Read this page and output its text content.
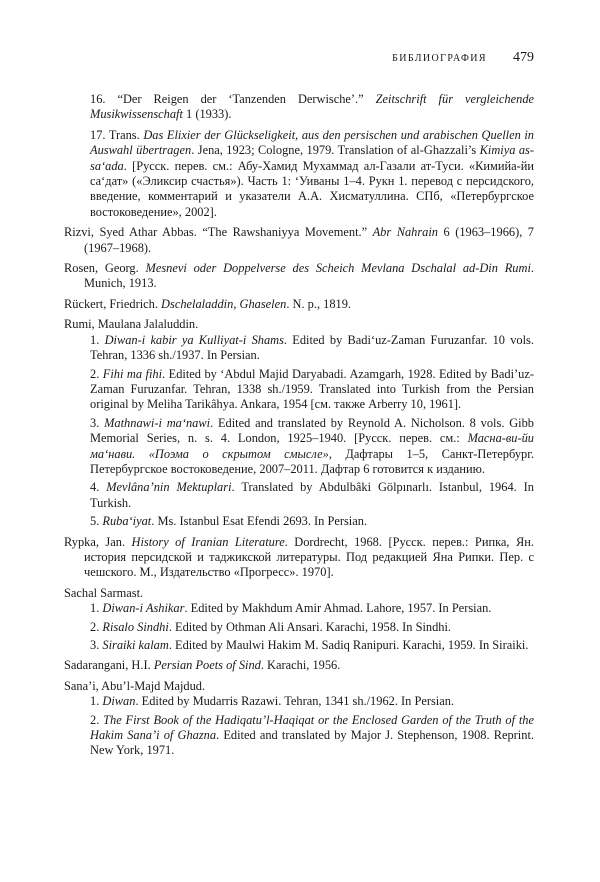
БИБЛИОГРАФИЯ 479
16. “Der Reigen der ‘Tanzenden Derwische’.” Zeitschrift für vergleichende Musikwissenschaft 1 (1933).
17. Trans. Das Elixier der Glückseligkeit, aus den persischen und arabischen Quellen in Auswahl übertragen. Jena, 1923; Cologne, 1979. Translation of al-Ghazzali’s Kimiya as-sa‘ada. [Русск. перев. см.: Абу-Хамид Мухаммад ал-Газали ат-Туси. «Кимийа-йи са‘дат» («Эликсир счастья»). Часть 1: ‘Уиваны 1–4. Рукн 1. перевод с персидского, введение, комментарий и указатели А.А. Хисматуллина. СПб, «Петербургское востоковедение», 2002].
Rizvi, Syed Athar Abbas. “The Rawshaniyya Movement.” Abr Nahrain 6 (1963–1966), 7 (1967–1968).
Rosen, Georg. Mesnevi oder Doppelverse des Scheich Mevlana Dschalal ad-Din Rumi. Munich, 1913.
Rückert, Friedrich. Dschelaladdin, Ghaselen. N. p., 1819.
Rumi, Maulana Jalaluddin.
1. Diwan-i kabir ya Kulliyat-i Shams. Edited by Badi‘uz-Zaman Furuzanfar. 10 vols. Tehran, 1336 sh./1937. In Persian.
2. Fihi ma fihi. Edited by ‘Abdul Majid Daryabadi. Azamgarh, 1928. Edited by Badi’uz-Zaman Furuzanfar. Tehran, 1338 sh./1959. Translated into Turkish from the Persian original by Meliha Tarikâhya. Ankara, 1954 [см. также Arberry 10, 1961].
3. Mathnawi-i ma‘nawi. Edited and translated by Reynold A. Nicholson. 8 vols. Gibb Memorial Series, n. s. 4. London, 1925–1940. [Русск. перев. см.: Масна-ви-йи ма‘нави. «Поэма о скрытом смысле», Дафтары 1–5, Санкт-Петербург. Петербургское востоковедение, 2007–2011. Дафтар 6 готовится к изданию.
4. Mevlâna’nin Mektuplari. Translated by Abdulbâki Gölpınarlı. Istanbul, 1964. In Turkish.
5. Ruba‘iyat. Ms. Istanbul Esat Efendi 2693. In Persian.
Rypka, Jan. History of Iranian Literature. Dordrecht, 1968. [Русск. перев.: Рипка, Ян. история персидской и таджикской литературы. Под редакцией Яна Рипки. Пер. с чешского. М., Издательство «Прогресс». 1970].
Sachal Sarmast.
1. Diwan-i Ashikar. Edited by Makhdum Amir Ahmad. Lahore, 1957. In Persian.
2. Risalo Sindhi. Edited by Othman Ali Ansari. Karachi, 1958. In Sindhi.
3. Siraiki kalam. Edited by Maulwi Hakim M. Sadiq Ranipuri. Karachi, 1959. In Siraiki.
Sadarangani, H.I. Persian Poets of Sind. Karachi, 1956.
Sana’i, Abu’l-Majd Majdud.
1. Diwan. Edited by Mudarris Razawi. Tehran, 1341 sh./1962. In Persian.
2. The First Book of the Hadiqatu’l-Haqiqat or the Enclosed Garden of the Truth of the Hakim Sana’i of Ghazna. Edited and translated by Major J. Stephenson, 1908. Reprint. New York, 1971.
